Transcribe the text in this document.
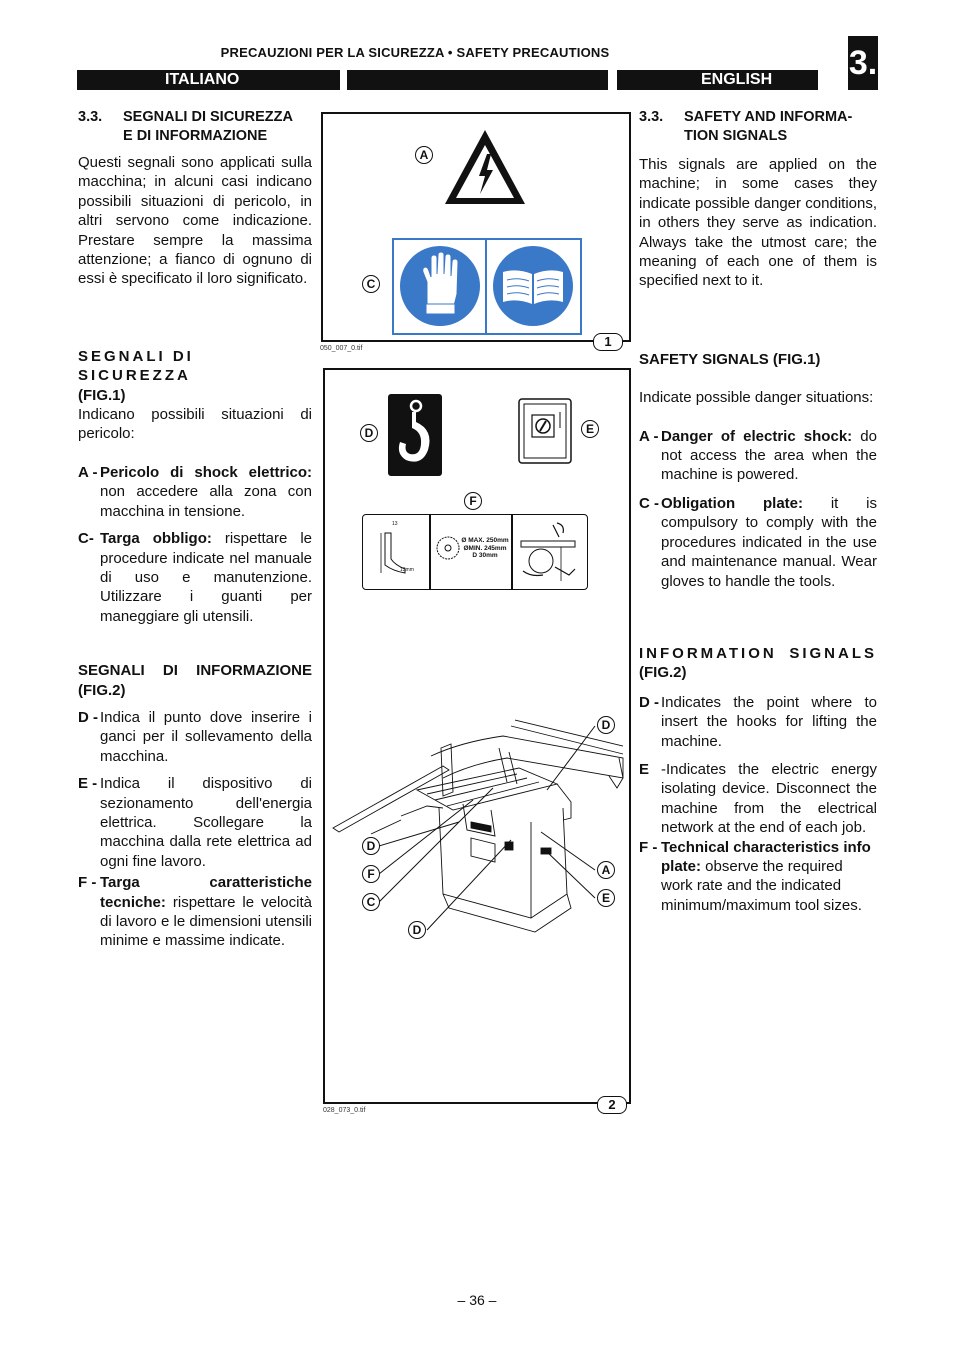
PRECAUZIONI PER LA SICUREZZA • SAFETY PRECAUTIONS	3.
ITALIANO	ENGLISH
3.3.	SEGNALI DI SICUREZZA
E DI INFORMAZIONE

Questi segnali sono applicati sulla macchina; in alcuni casi indicano possibili situazioni di pericolo, in altri servono come indicazione. Prestare sempre la massima attenzione; a fianco di ognuno di essi è specificato il loro significato.

SEGNALI DI SICUREZZA
(FIG.1)

Indicano possibili situazioni di pericolo:

A - Pericolo di shock elettrico: non accedere alla zona con macchina in tensione.
C- Targa obbligo: rispettare le procedure indicate nel manuale di uso e manutenzione. Utilizzare i guanti per maneggiare gli utensili.
SEGNALI DI INFORMAZIONE
(FIG.2)
D - Indica il punto dove inserire i ganci per il sollevamento della macchina.
E - Indica il dispositivo di sezionamento dell'energia elettrica. Scollegare la macchina dalla rete elettrica ad ogni fine lavoro.
F - Targa caratteristiche tecniche: rispettare le velocità di lavoro e le dimensioni utensili minime e massime indicate.
3.3.	SAFETY AND INFORMA-
TION SIGNALS

This signals are applied on the machine; in some cases they indicate possible danger conditions, in others they serve as indication. Always take the utmost care; the meaning of each one of them is specified next to it.

SAFETY SIGNALS (FIG.1)

Indicate possible danger situations:

A - Danger of electric shock: do not access the area when the machine is powered.
C - Obligation plate: it is compulsory to comply with the procedures indicated in the use and maintenance manual. Wear gloves to handle the tools.
INFORMATION SIGNALS
(FIG.2)
D - Indicates the point where to insert the hooks for lifting the machine.
E -Indicates the electric energy isolating device. Disconnect the machine from the electrical network at the end of each job.
F - Technical characteristics info plate: observe the required work rate and the indicated minimum/maximum tool sizes.
A
C
1
050_007_0.tif
13
13mm
Ø MAX. 250mm
ØMIN. 245mm
D 30mm
D	E
F
D
D
F
C
D
A
E
2
028_073_0.tif
– 36 –
